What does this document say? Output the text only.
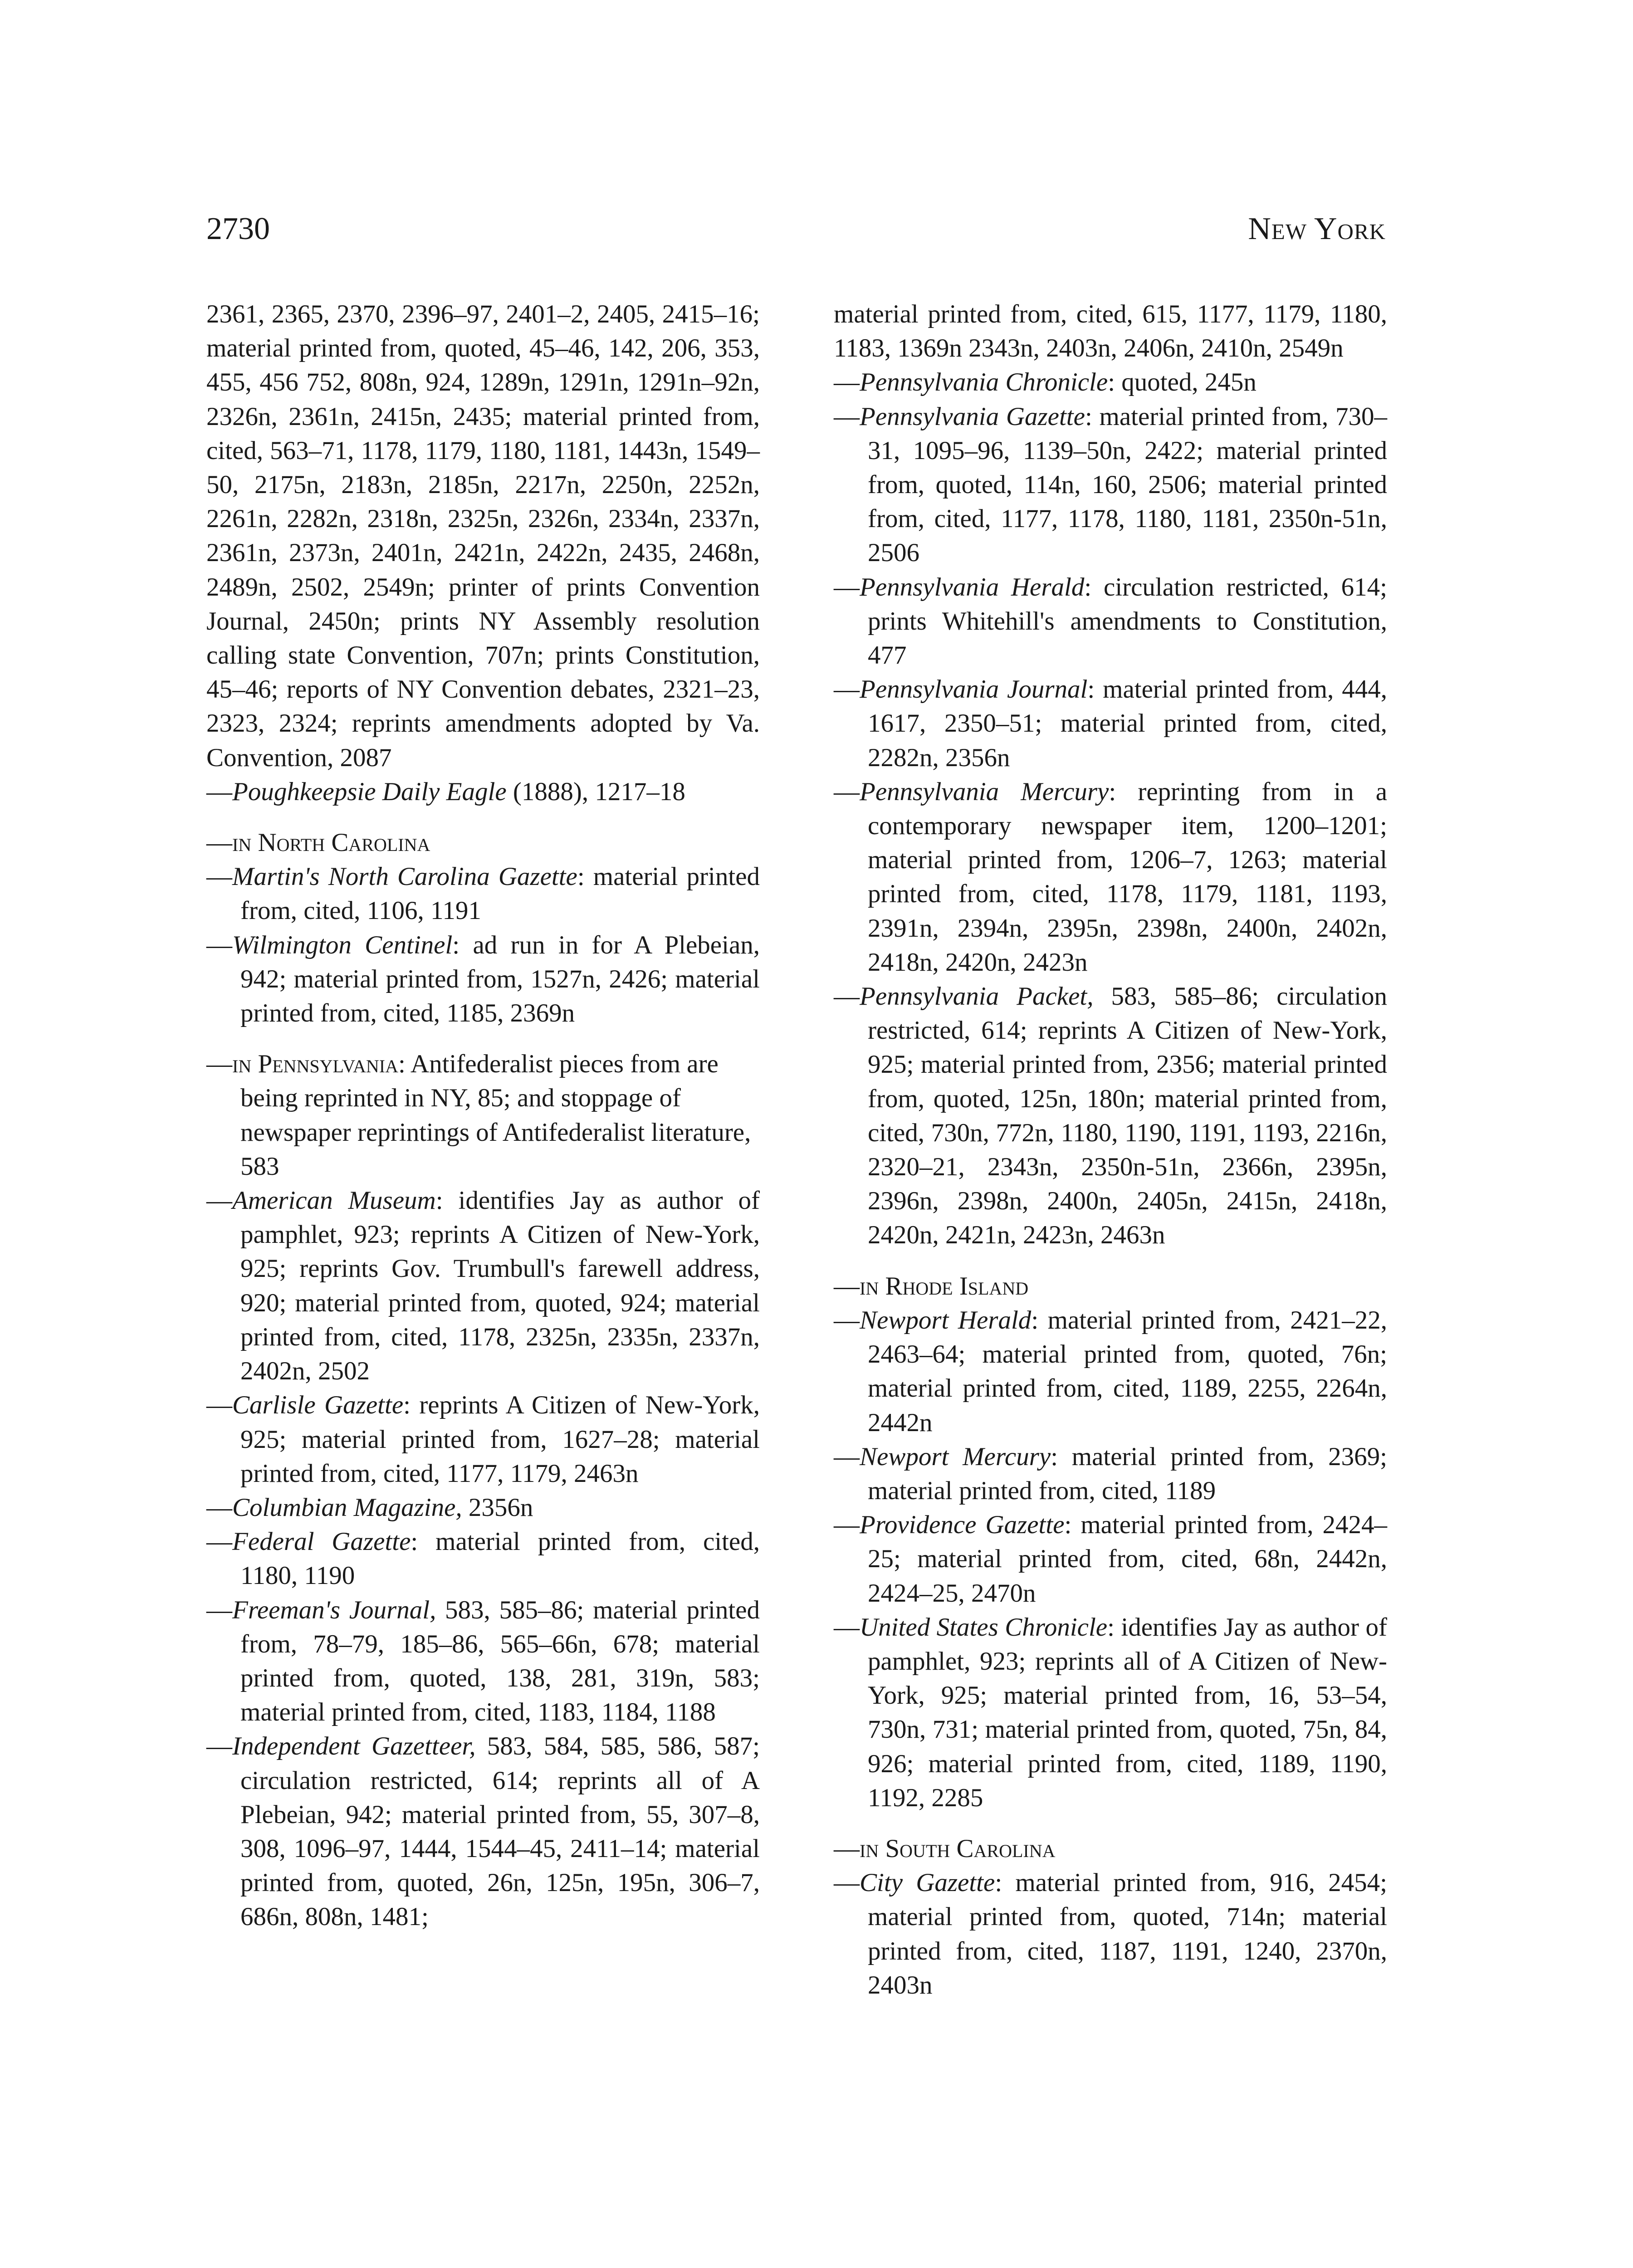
2730	New York
2361, 2365, 2370, 2396–97, 2401–2, 2405, 2415–16; material printed from, quoted, 45–46, 142, 206, 353, 455, 456 752, 808n, 924, 1289n, 1291n, 1291n–92n, 2326n, 2361n, 2415n, 2435; material printed from, cited, 563–71, 1178, 1179, 1180, 1181, 1443n, 1549–50, 2175n, 2183n, 2185n, 2217n, 2250n, 2252n, 2261n, 2282n, 2318n, 2325n, 2326n, 2334n, 2337n, 2361n, 2373n, 2401n, 2421n, 2422n, 2435, 2468n, 2489n, 2502, 2549n; printer of prints Convention Journal, 2450n; prints NY Assembly resolution calling state Convention, 707n; prints Constitution, 45–46; reports of NY Convention debates, 2321–23, 2323, 2324; reprints amendments adopted by Va. Convention, 2087
—Poughkeepsie Daily Eagle (1888), 1217–18
—in North Carolina
—Martin's North Carolina Gazette: material printed from, cited, 1106, 1191
—Wilmington Centinel: ad run in for A Plebeian, 942; material printed from, 1527n, 2426; material printed from, cited, 1185, 2369n
—in Pennsylvania: Antifederalist pieces from are being reprinted in NY, 85; and stoppage of newspaper reprintings of Antifederalist literature, 583
—American Museum: identifies Jay as author of pamphlet, 923; reprints A Citizen of New-York, 925; reprints Gov. Trumbull's farewell address, 920; material printed from, quoted, 924; material printed from, cited, 1178, 2325n, 2335n, 2337n, 2402n, 2502
—Carlisle Gazette: reprints A Citizen of New-York, 925; material printed from, 1627–28; material printed from, cited, 1177, 1179, 2463n
—Columbian Magazine, 2356n
—Federal Gazette: material printed from, cited, 1180, 1190
—Freeman's Journal, 583, 585–86; material printed from, 78–79, 185–86, 565–66n, 678; material printed from, quoted, 138, 281, 319n, 583; material printed from, cited, 1183, 1184, 1188
—Independent Gazetteer, 583, 584, 585, 586, 587; circulation restricted, 614; reprints all of A Plebeian, 942; material printed from, 55, 307–8, 308, 1096–97, 1444, 1544–45, 2411–14; material printed from, quoted, 26n, 125n, 195n, 306–7, 686n, 808n, 1481;
material printed from, cited, 615, 1177, 1179, 1180, 1183, 1369n 2343n, 2403n, 2406n, 2410n, 2549n
—Pennsylvania Chronicle: quoted, 245n
—Pennsylvania Gazette: material printed from, 730–31, 1095–96, 1139–50n, 2422; material printed from, quoted, 114n, 160, 2506; material printed from, cited, 1177, 1178, 1180, 1181, 2350n-51n, 2506
—Pennsylvania Herald: circulation restricted, 614; prints Whitehill's amendments to Constitution, 477
—Pennsylvania Journal: material printed from, 444, 1617, 2350–51; material printed from, cited, 2282n, 2356n
—Pennsylvania Mercury: reprinting from in a contemporary newspaper item, 1200–1201; material printed from, 1206–7, 1263; material printed from, cited, 1178, 1179, 1181, 1193, 2391n, 2394n, 2395n, 2398n, 2400n, 2402n, 2418n, 2420n, 2423n
—Pennsylvania Packet, 583, 585–86; circulation restricted, 614; reprints A Citizen of New-York, 925; material printed from, 2356; material printed from, quoted, 125n, 180n; material printed from, cited, 730n, 772n, 1180, 1190, 1191, 1193, 2216n, 2320–21, 2343n, 2350n-51n, 2366n, 2395n, 2396n, 2398n, 2400n, 2405n, 2415n, 2418n, 2420n, 2421n, 2423n, 2463n
—in Rhode Island
—Newport Herald: material printed from, 2421–22, 2463–64; material printed from, quoted, 76n; material printed from, cited, 1189, 2255, 2264n, 2442n
—Newport Mercury: material printed from, 2369; material printed from, cited, 1189
—Providence Gazette: material printed from, 2424–25; material printed from, cited, 68n, 2442n, 2424–25, 2470n
—United States Chronicle: identifies Jay as author of pamphlet, 923; reprints all of A Citizen of New-York, 925; material printed from, 16, 53–54, 730n, 731; material printed from, quoted, 75n, 84, 926; material printed from, cited, 1189, 1190, 1192, 2285
—in South Carolina
—City Gazette: material printed from, 916, 2454; material printed from, quoted, 714n; material printed from, cited, 1187, 1191, 1240, 2370n, 2403n
